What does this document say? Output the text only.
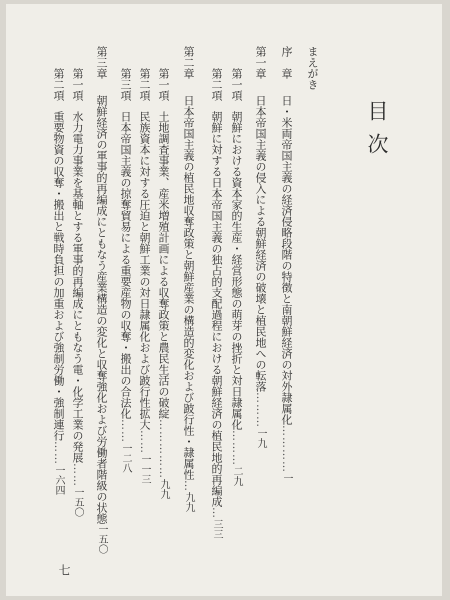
目次
まえがき
序　章日・米両帝国主義の経済侵略段階の特徴と南朝鮮経済の対外隷属化…………一
第一章日本帝国主義の侵入による朝鮮経済の破壊と植民地への転落………一九
第一項朝鮮における資本家的生産・経営形態の萌芽の挫折と対日隷属化………二九
第二項朝鮮に対する日本帝国主義の独占的支配過程における朝鮮経済の植民地的再編成…三三
第二章日本帝国主義の植民地収奪政策と朝鮮産業の構造的変化および跛行性・隷属性…九九
第一項土地調査事業、産米増殖計画による収奪政策と農民生活の破綻……………九九
第二項民族資本に対する圧迫と朝鮮工業の対日隷属化および跛行性拡大……一一三
第三項日本帝国主義の掠奪貿易による重要産物の収奪・搬出の合法化……一二八
第三章朝鮮経済の軍事的再編成にともなう産業構造の変化と収奪強化および労働者階級の状態一五〇
第一項水力電力事業を基軸とする軍事的再編成にともなう電・化学工業の発展……一五〇
第二項重要物資の収奪・搬出と戦時負担の加重および強制労働・強制連行……一六四
七
